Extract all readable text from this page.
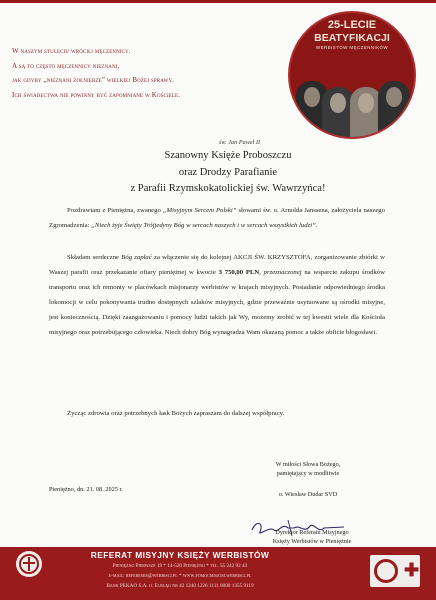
W naszym stuleciu wróciłi męczennicy.
A są to często męczennicy nieznani,
jak gdyby „nieznani żołnierze” wielkiej Bożej sprawy.
Ich świadectwa nie powinny być zapomniane w Kościele.
św. Jan Paweł II
25-LECIE
BEATYFIKACJI
WERBISTÓW MĘCZENNIKÓW
Szanowny Księże Proboszczu
oraz Drodzy Parafianie
z Parafii Rzymskokatolickiej św. Wawrzyńca!
Pozdrawiam z Pieniężna, zwanego „Misyjnym Sercem Polski” słowami św. o. Arnolda Janssena, założyciela naszego Zgromadzenia: „Niech żyje Święty Trójjedyny Bóg w sercach naszych i w sercach wszystkich ludzi”.
Składam serdeczne Bóg zapłać za włączenie się do kolejnej AKCJI ŚW. KRZYSZTOFA, zorganizowanie zbiórki w Waszej parafii oraz przekazanie ofiary pieniężnej w kwocie 3 750,00 PLN, przeznaczonej na wsparcie zakupu środków transportu oraz ich remonty w placówkach misjonarzy werbistów w krajach misyjnych. Posiadanie odpowiedniego środka lokomocji w celu pokonywania trudno dostępnych szlaków misyjnych, gdzie przewaźnie usytuowane są ośrodki misyjne, jest koniecznością. Dzięki zaangażowaniu i pomocy ludzi takich jak Wy, możemy zrobić w tej kwestii wiele dla Kościoła misyjnego oraz potrzebującego człowieka. Niech dobry Bóg wynagradza Wam okazaną pomoc a także obficie błogosławi.
Życząc zdrowia oraz potrzebnych łask Bożych zapraszam do dalszej współpracy.
W miłości Słowa Bożego,
pamiętający w modlitwie
Pieniężno, dn. 21. 08. 2025 r.
o. Wiesław Dudar SVD
Dyrektor Referatu Misyjnego
Księży Werbistów w Pieniężnie
REFERAT MISYJNY KSIĘŻY WERBISTÓW
Pieniężno Pierwsze 19 * 14-520 Pieniężno * tel. 55 242 92 43
e-mail: referemis@werbisci.pl * www.pomocmisjom.werbisci.pl
Bank PEKAO S.A. o. Elbląg nr 42 1240 1226 1111 0000 1355 9119
✚
